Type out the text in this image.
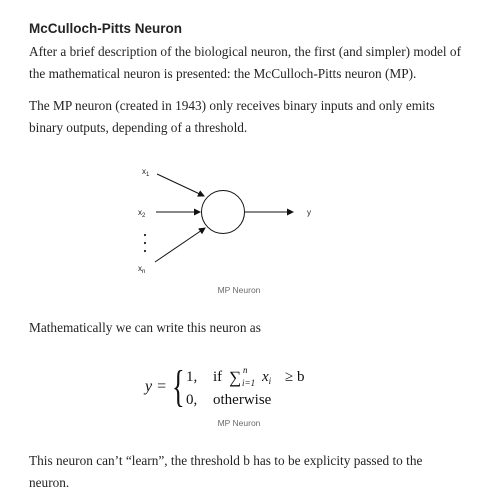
McCulloch-Pitts Neuron

After a brief description of the biological neuron, the first (and simpler) model of
the mathematical neuron is presented: the McCulloch-Pitts neuron (MP).

The MP neuron (created in 1943) only receives binary inputs and only emits
binary outputs, depending of a threshold.

$x_1$
$x_2$
$x_n$
y

MP Neuron

Mathematically we can write this neuron as

y = { 1, if ∑ n
i=1 $x_i \ge b$
0, otherwise

MP Neuron

This neuron can’t “learn”, the threshold b has to be explicity passed to the
neuron.
